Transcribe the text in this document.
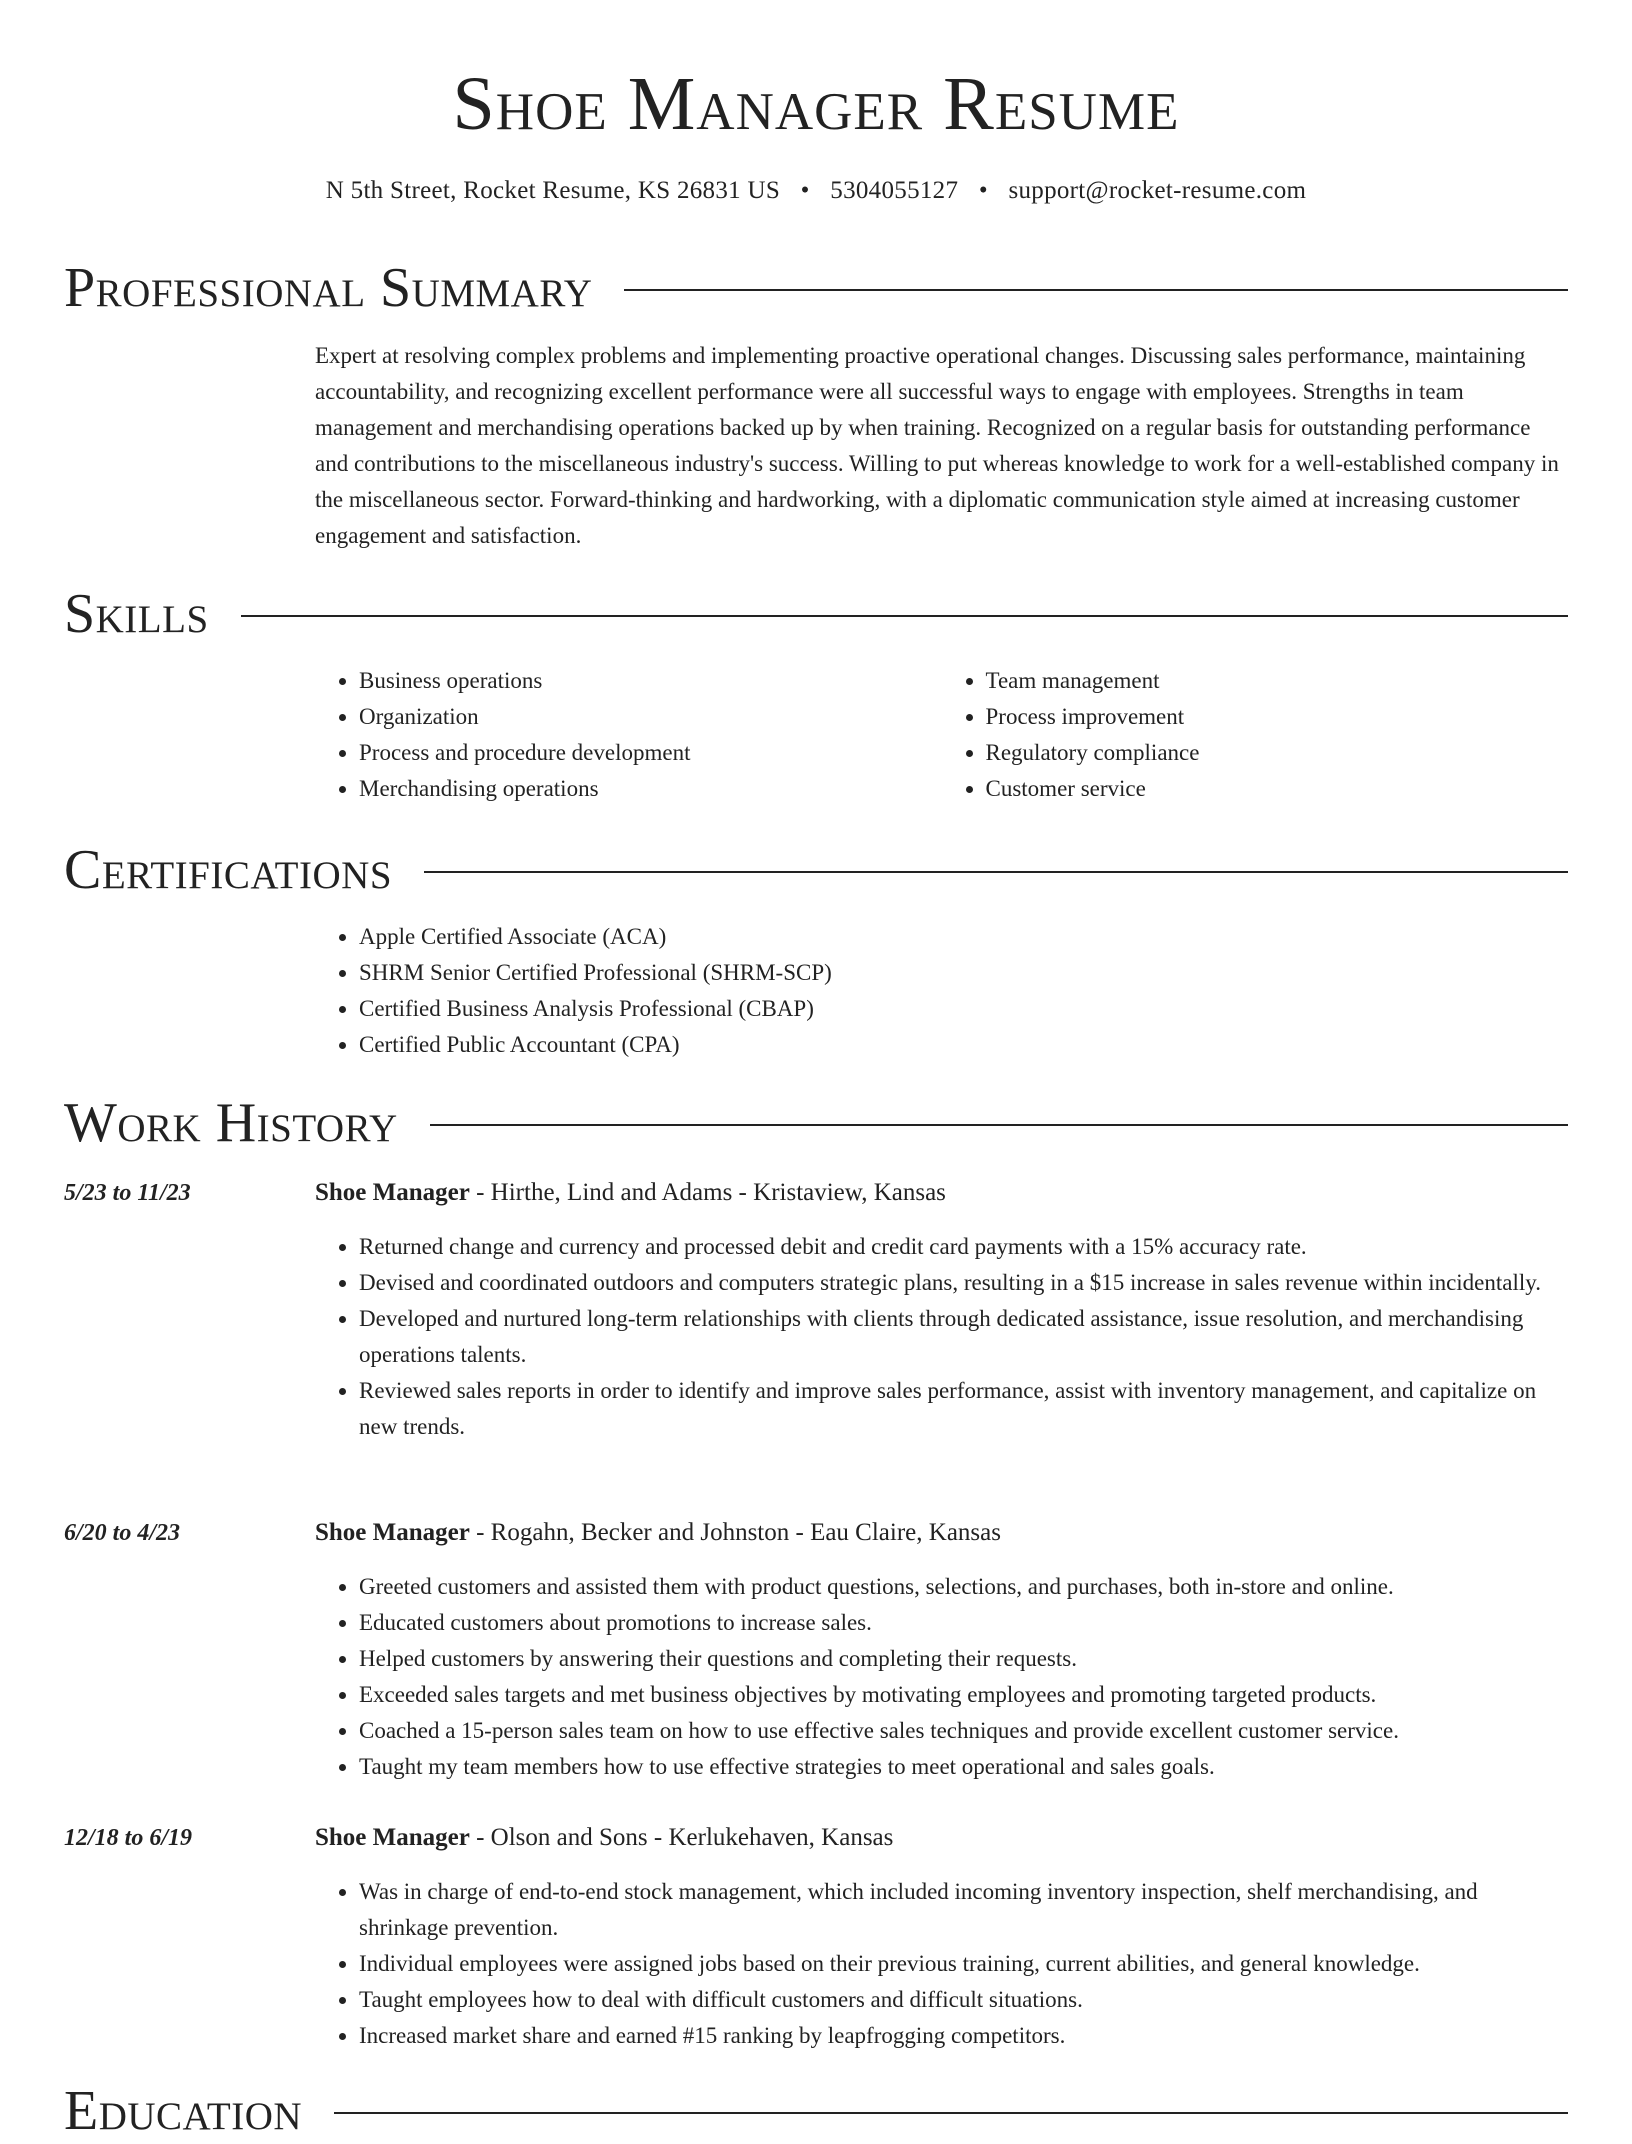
Shoe Manager Resume
N 5th Street, Rocket Resume, KS 26831 US • 5304055127 • support@rocket-resume.com
Professional Summary

Expert at resolving complex problems and implementing proactive operational changes. Discussing sales performance, maintaining accountability, and recognizing excellent performance were all successful ways to engage with employees. Strengths in team management and merchandising operations backed up by when training. Recognized on a regular basis for outstanding performance and contributions to the miscellaneous industry's success. Willing to put whereas knowledge to work for a well-established company in the miscellaneous sector. Forward-thinking and hardworking, with a diplomatic communication style aimed at increasing customer engagement and satisfaction.

Skills
• Business operations
• Organization
• Process and procedure development
• Merchandising operations
• Team management
• Process improvement
• Regulatory compliance
• Customer service
Certifications
• Apple Certified Associate (ACA)
• SHRM Senior Certified Professional (SHRM-SCP)
• Certified Business Analysis Professional (CBAP)
• Certified Public Accountant (CPA)
Work History
5/23 to 11/23	Shoe Manager - Hirthe, Lind and Adams - Kristaview, Kansas
• Returned change and currency and processed debit and credit card payments with a 15% accuracy rate.
• Devised and coordinated outdoors and computers strategic plans, resulting in a $15 increase in sales revenue within incidentally.
• Developed and nurtured long-term relationships with clients through dedicated assistance, issue resolution, and merchandising operations talents.
• Reviewed sales reports in order to identify and improve sales performance, assist with inventory management, and capitalize on new trends.
6/20 to 4/23	Shoe Manager - Rogahn, Becker and Johnston - Eau Claire, Kansas
• Greeted customers and assisted them with product questions, selections, and purchases, both in-store and online.
• Educated customers about promotions to increase sales.
• Helped customers by answering their questions and completing their requests.
• Exceeded sales targets and met business objectives by motivating employees and promoting targeted products.
• Coached a 15-person sales team on how to use effective sales techniques and provide excellent customer service.
• Taught my team members how to use effective strategies to meet operational and sales goals.
12/18 to 6/19	Shoe Manager - Olson and Sons - Kerlukehaven, Kansas
• Was in charge of end-to-end stock management, which included incoming inventory inspection, shelf merchandising, and shrinkage prevention.
• Individual employees were assigned jobs based on their previous training, current abilities, and general knowledge.
• Taught employees how to deal with difficult customers and difficult situations.
• Increased market share and earned #15 ranking by leapfrogging competitors.
Education
